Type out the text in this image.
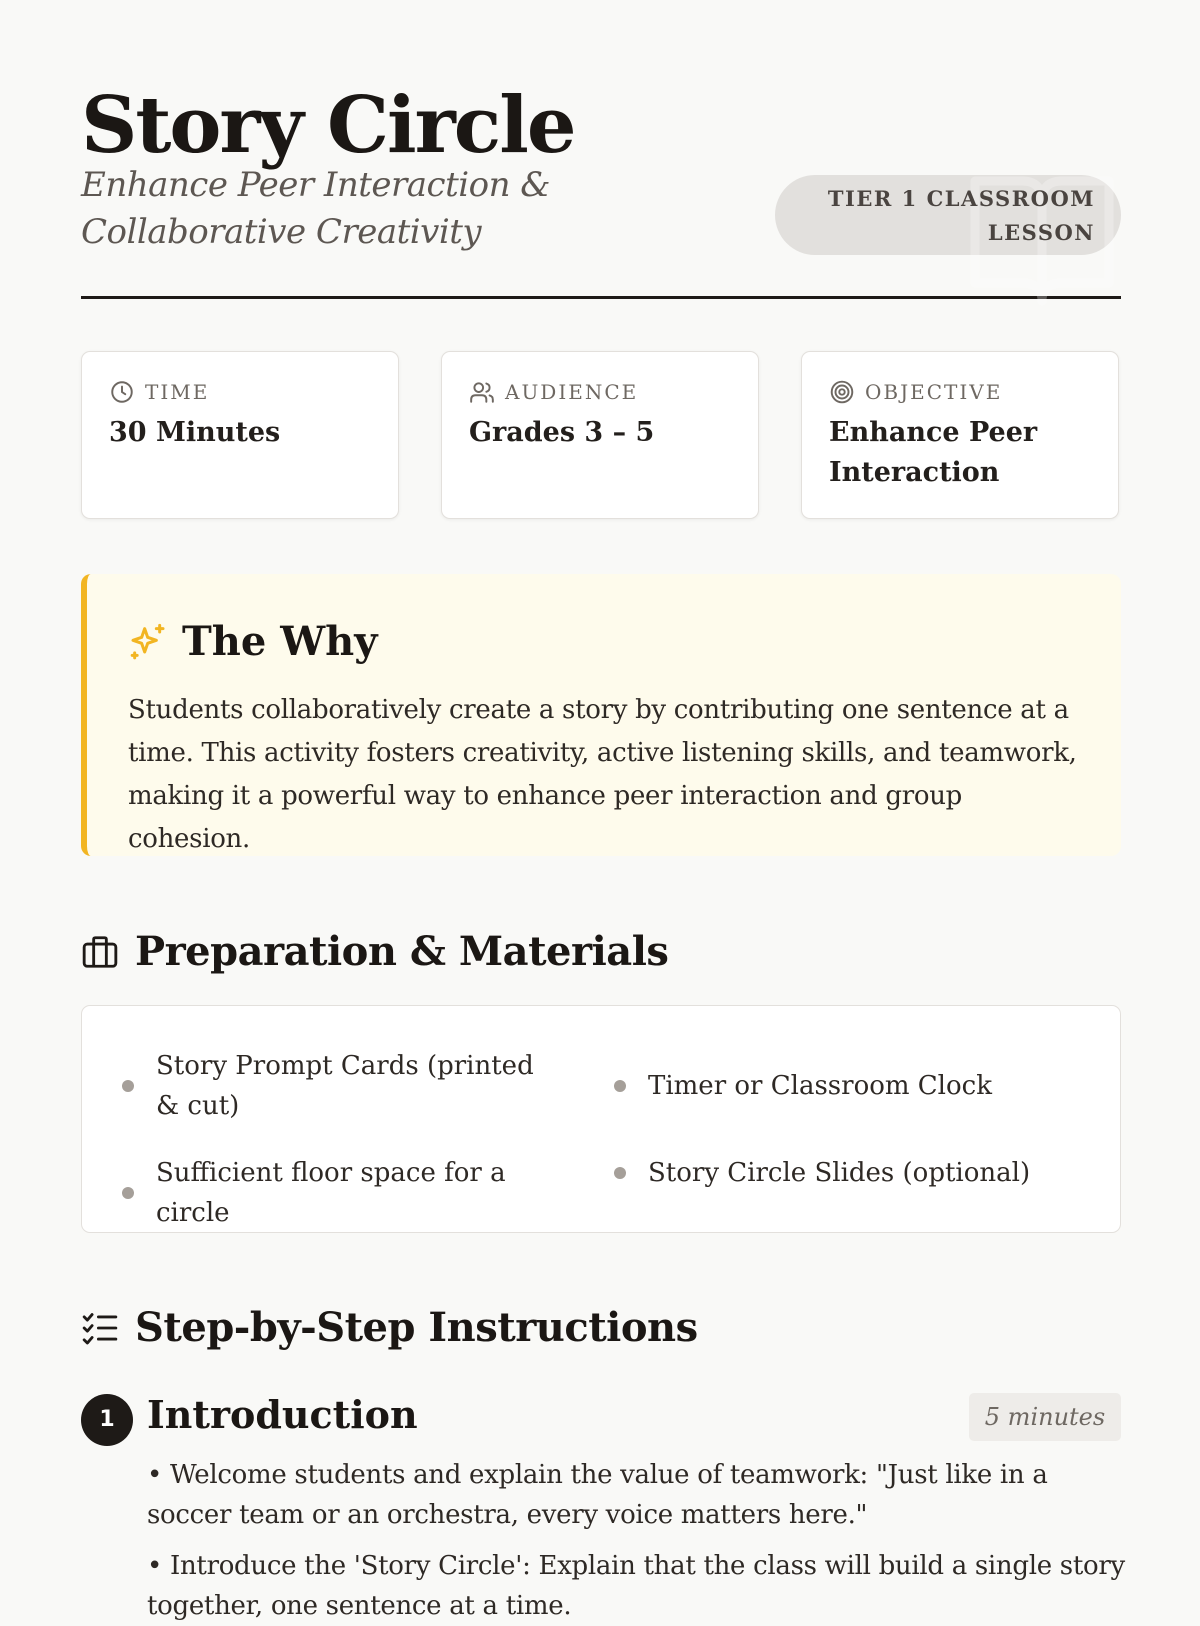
Story Circle

Enhance Peer Interaction & Collaborative Creativity

TIER 1 CLASSROOM LESSON
TIME
30 Minutes
AUDIENCE
Grades 3 – 5
OBJECTIVE
Enhance Peer Interaction
The Why

Students collaboratively create a story by contributing one sentence at a time. This activity fosters creativity, active listening skills, and teamwork, making it a powerful way to enhance peer interaction and group cohesion.

Preparation & Materials
Story Prompt Cards (printed & cut)
Timer or Classroom Clock
Sufficient floor space for a circle
Story Circle Slides (optional)
Step-by-Step Instructions
1 Introduction	5 minutes

• Welcome students and explain the value of teamwork: "Just like in a soccer team or an orchestra, every voice matters here."

• Introduce the 'Story Circle': Explain that the class will build a single story together, one sentence at a time.
